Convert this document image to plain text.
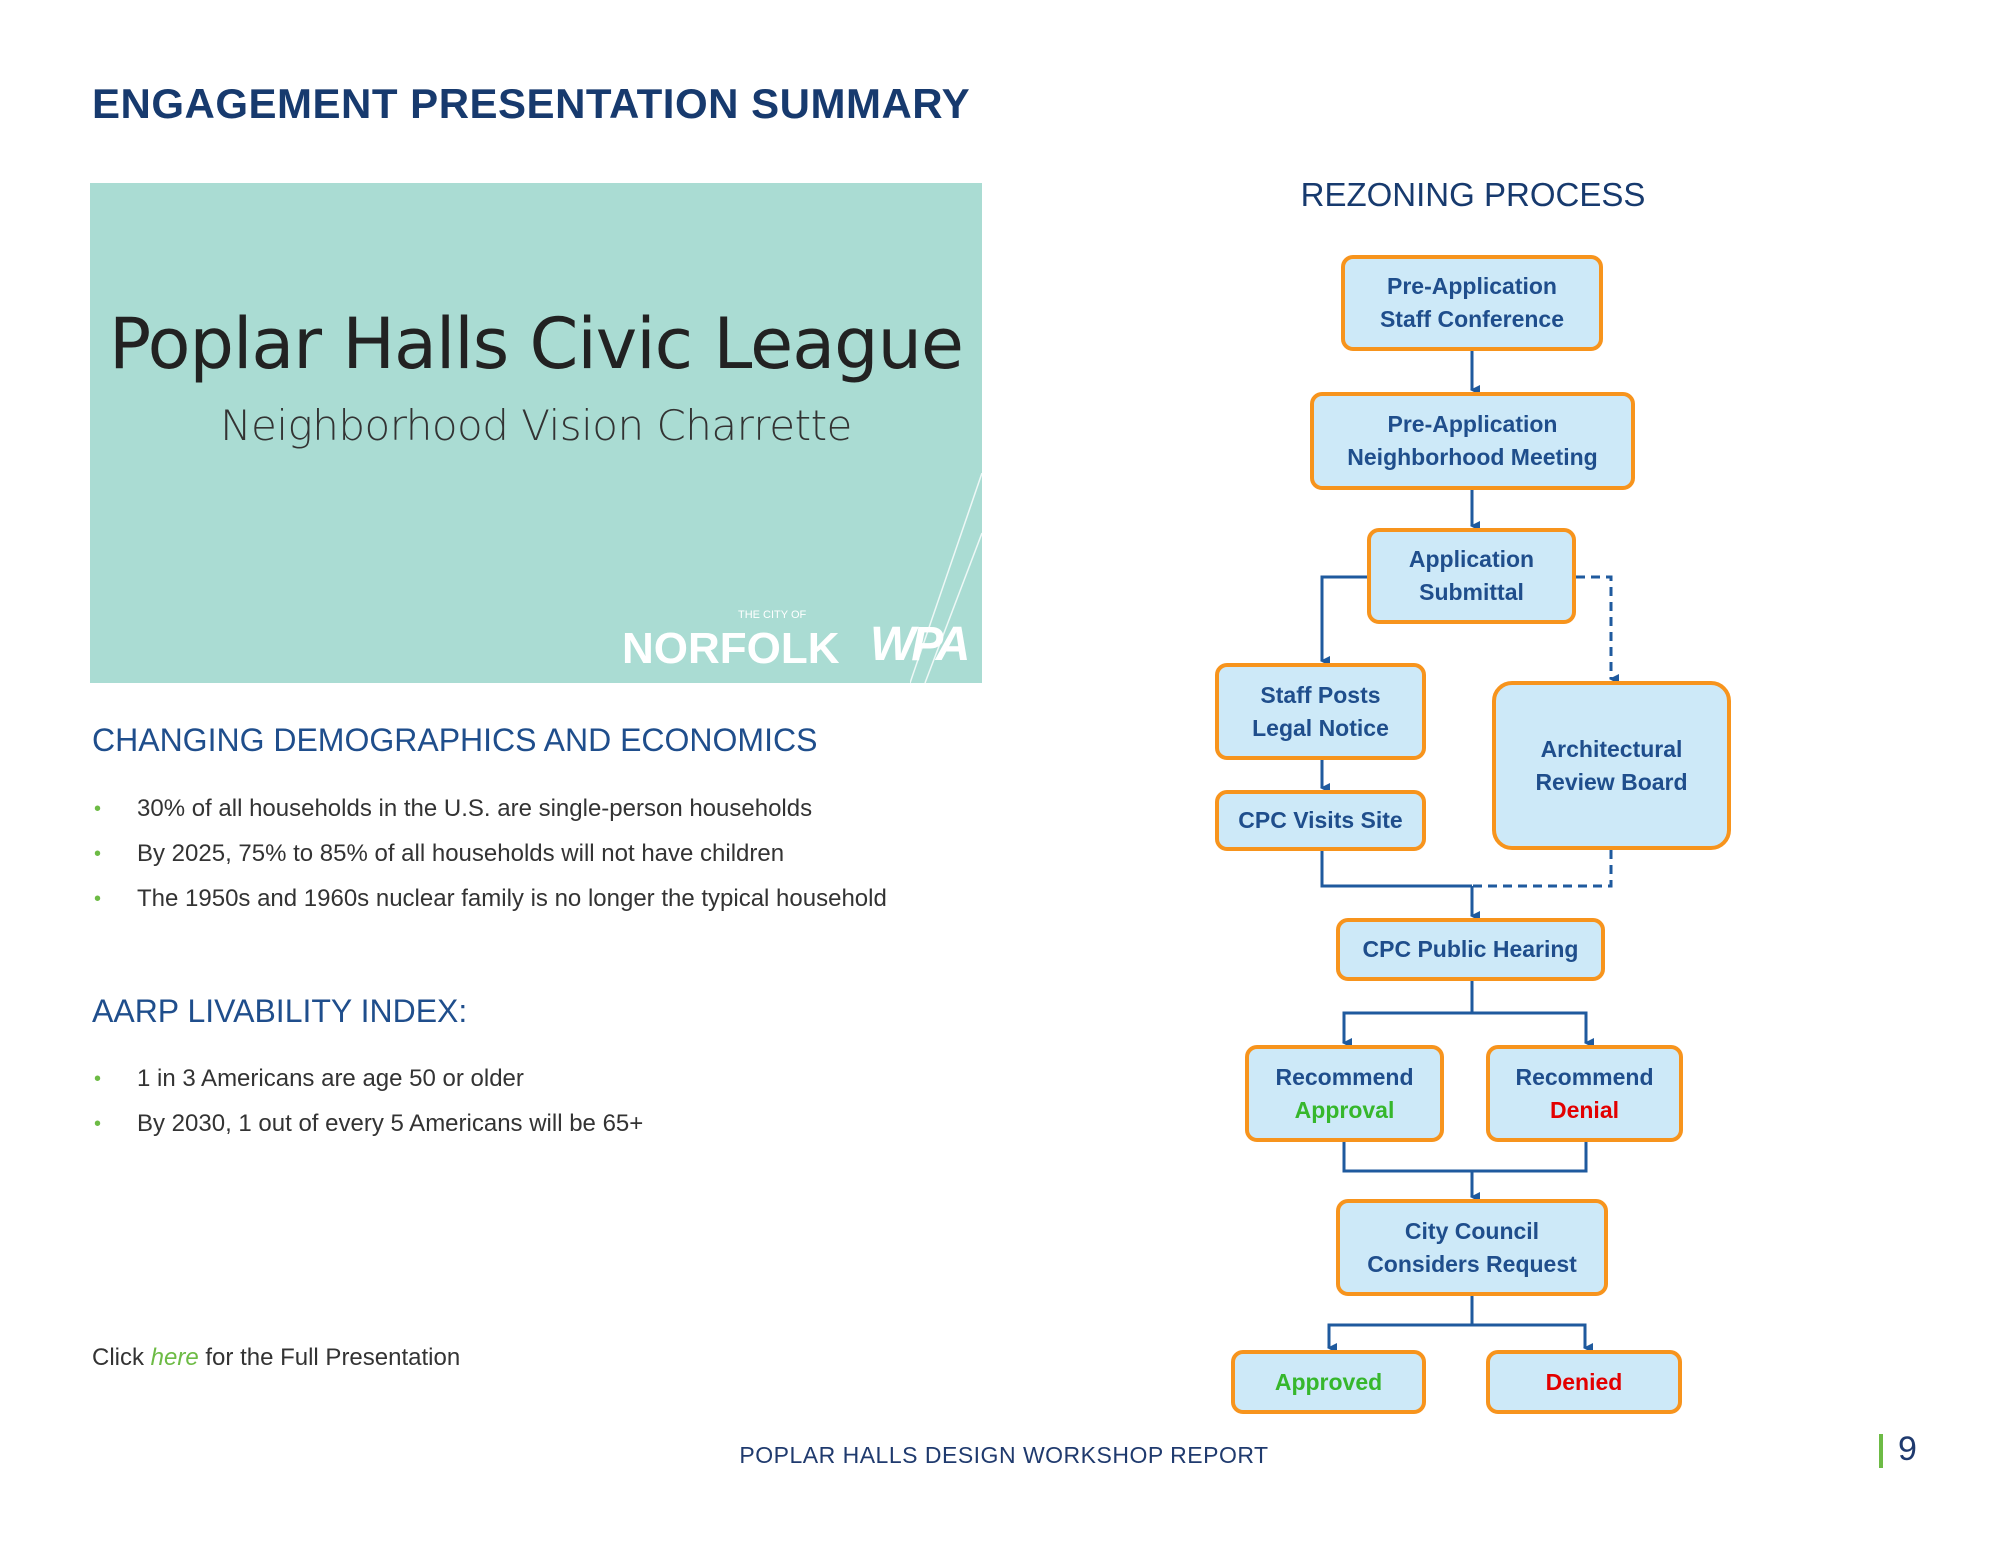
ENGAGEMENT PRESENTATION SUMMARY
Poplar Halls Civic League
Neighborhood Vision Charrette
THE CITY OF
NORFOLK WPA
CHANGING DEMOGRAPHICS AND ECONOMICS
• 30% of all households in the U.S. are single-person households
• By 2025, 75% to 85% of all households will not have children
• The 1950s and 1960s nuclear family is no longer the typical household
AARP LIVABILITY INDEX:
• 1 in 3 Americans are age 50 or older
• By 2030, 1 out of every 5 Americans will be 65+
Click here for the Full Presentation
REZONING PROCESS
Pre-Application
Staff Conference
Pre-Application
Neighborhood Meeting
Application
Submittal
Staff Posts
Legal Notice
CPC Visits Site
Architectural
Review Board
CPC Public Hearing
Recommend
Approval
Recommend
Denial
City Council
Considers Request
Approved	Denied
POPLAR HALLS DESIGN WORKSHOP REPORT	9
